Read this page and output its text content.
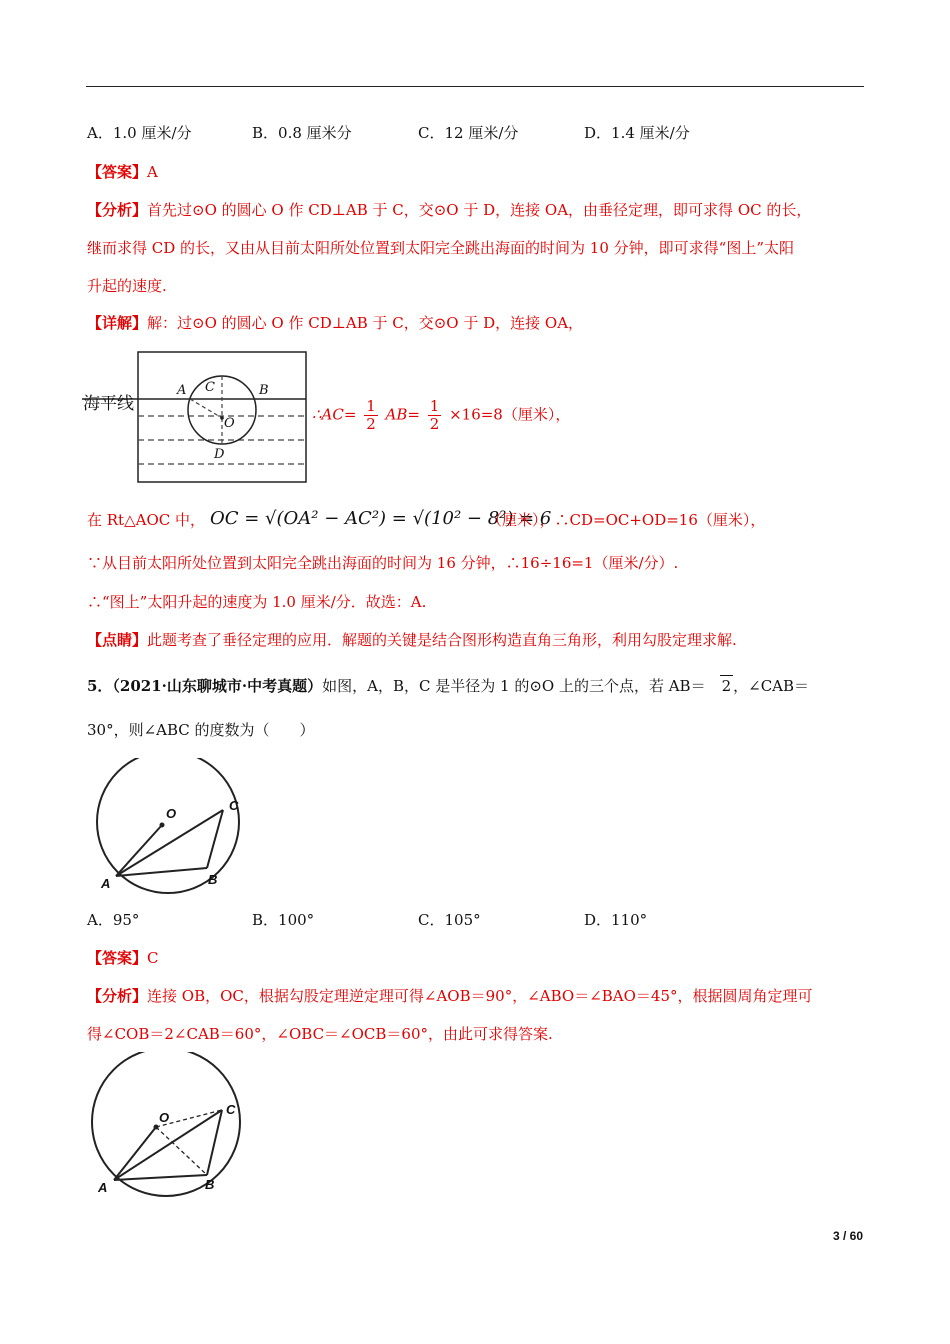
A．1.0 厘米/分	B．0.8 厘米分	C．12 厘米/分	D．1.4 厘米/分
【答案】A
【分析】首先过⊙O 的圆心 O 作 CD⊥AB 于 C，交⊙O 于 D，连接 OA，由垂径定理，即可求得 OC 的长，
继而求得 CD 的长，又由从目前太阳所处位置到太阳完全跳出海面的时间为 10 分钟，即可求得“图上”太阳
升起的速度.
【详解】解：过⊙O 的圆心 O 作 CD⊥AB 于 C，交⊙O 于 D，连接 OA，
海平线
A C	B
O
D
∴AC= $\frac{1}{2} AB= \frac{1}{2} \times 16=8$（厘米），
在 Rt△AOC 中， OC = √(OA² − AC²) = √(10² − 8²) = 6
（厘米），∴CD=OC+OD=16（厘米），
∵从目前太阳所处位置到太阳完全跳出海面的时间为 16 分钟，∴16÷16=1（厘米/分）.
∴“图上”太阳升起的速度为 1.0 厘米/分．故选：A.
【点睛】此题考查了垂径定理的应用．解题的关键是结合图形构造直角三角形，利用勾股定理求解.
5．（2021·山东聊城市·中考真题）如图，A，B，C 是半径为 1 的⊙O 上的三个点，若 AB＝ 2 ，∠CAB＝
30°，则∠ABC 的度数为（　　）
O
C
A	B
A．95°	B．100°	C．105°	D．110°
【答案】C
【分析】连接 OB，OC，根据勾股定理逆定理可得∠AOB＝90°，∠ABO＝∠BAO＝45°，根据圆周角定理可
得∠COB＝2∠CAB＝60°，∠OBC＝∠OCB＝60°，由此可求得答案.
O
C
A	B
3 / 60
